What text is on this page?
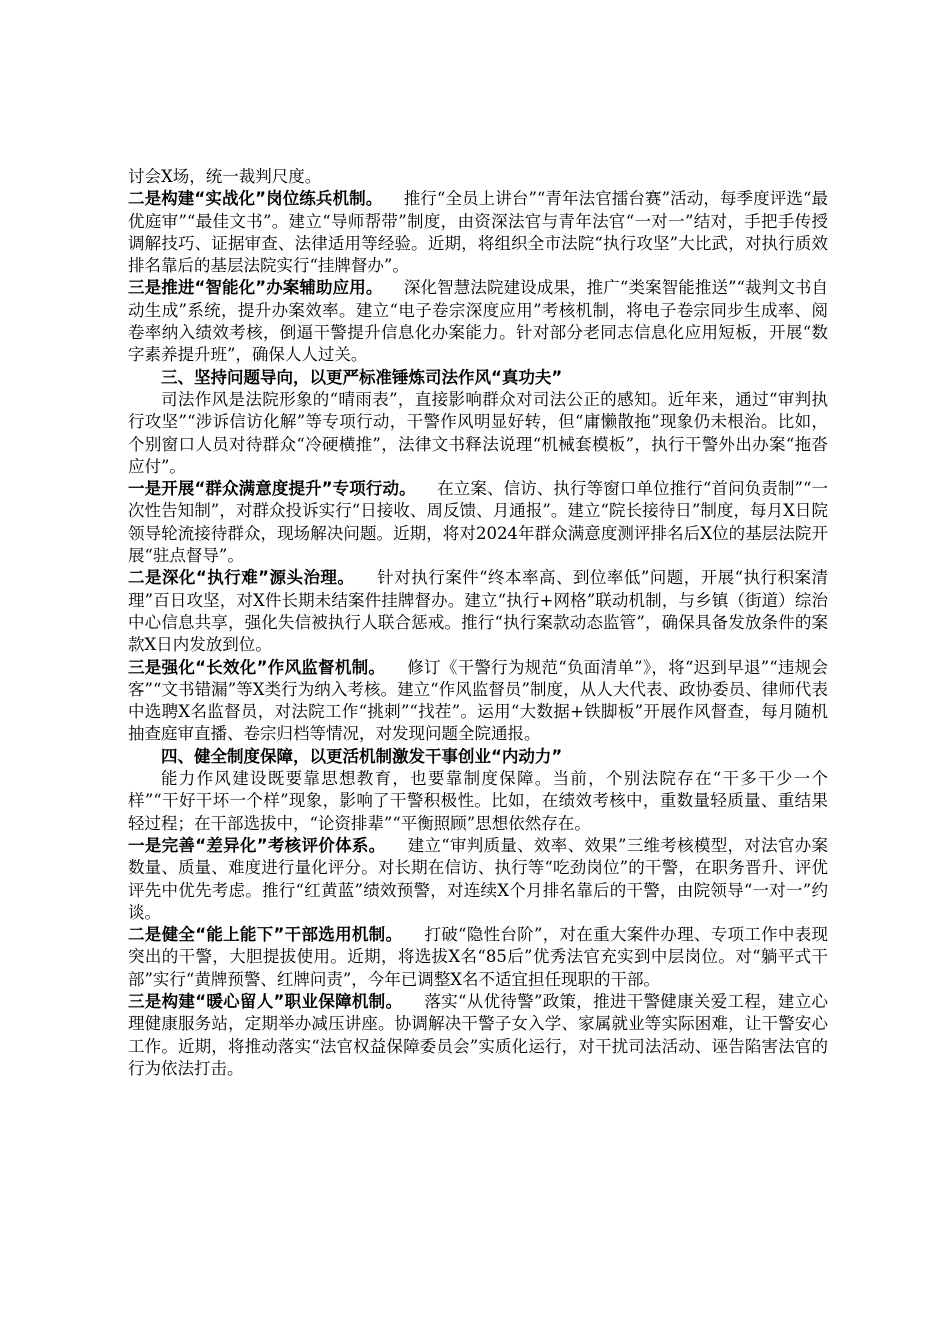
讨会X场，统一裁判尺度。

二是构建“实战化”岗位练兵机制。 推行“全员上讲台”“青年法官擂台赛”活动，每季度评选“最优庭审”“最佳文书”。建立“导师帮带”制度，由资深法官与青年法官“一对一”结对，手把手传授调解技巧、证据审查、法律适用等经验。近期，将组织全市法院“执行攻坚”大比武，对执行质效排名靠后的基层法院实行“挂牌督办”。

三是推进“智能化”办案辅助应用。 深化智慧法院建设成果，推广“类案智能推送”“裁判文书自动生成”系统，提升办案效率。建立“电子卷宗深度应用”考核机制，将电子卷宗同步生成率、阅卷率纳入绩效考核，倒逼干警提升信息化办案能力。针对部分老同志信息化应用短板，开展“数字素养提升班”，确保人人过关。

三、坚持问题导向，以更严标准锤炼司法作风“真功夫”

司法作风是法院形象的“晴雨表”，直接影响群众对司法公正的感知。近年来，通过“审判执行攻坚”“涉诉信访化解”等专项行动，干警作风明显好转，但“庸懒散拖”现象仍未根治。比如，个别窗口人员对待群众“冷硬横推”，法律文书释法说理“机械套模板”，执行干警外出办案“拖沓应付”。

一是开展“群众满意度提升”专项行动。 在立案、信访、执行等窗口单位推行“首问负责制”“一次性告知制”，对群众投诉实行“日接收、周反馈、月通报”。建立“院长接待日”制度，每月X日院领导轮流接待群众，现场解决问题。近期，将对2024年群众满意度测评排名后X位的基层法院开展“驻点督导”。

二是深化“执行难”源头治理。 针对执行案件“终本率高、到位率低”问题，开展“执行积案清理”百日攻坚，对X件长期未结案件挂牌督办。建立“执行+网格”联动机制，与乡镇（街道）综治中心信息共享，强化失信被执行人联合惩戒。推行“执行案款动态监管”，确保具备发放条件的案款X日内发放到位。

三是强化“长效化”作风监督机制。 修订《干警行为规范“负面清单”》，将“迟到早退”“违规会客”“文书错漏”等X类行为纳入考核。建立“作风监督员”制度，从人大代表、政协委员、律师代表中选聘X名监督员，对法院工作“挑刺”“找茬”。运用“大数据+铁脚板”开展作风督查，每月随机抽查庭审直播、卷宗归档等情况，对发现问题全院通报。

四、健全制度保障，以更活机制激发干事创业“内动力”

能力作风建设既要靠思想教育，也要靠制度保障。当前，个别法院存在“干多干少一个样”“干好干坏一个样”现象，影响了干警积极性。比如，在绩效考核中，重数量轻质量、重结果轻过程；在干部选拔中，“论资排辈”“平衡照顾”思想依然存在。

一是完善“差异化”考核评价体系。 建立“审判质量、效率、效果”三维考核模型，对法官办案数量、质量、难度进行量化评分。对长期在信访、执行等“吃劲岗位”的干警，在职务晋升、评优评先中优先考虑。推行“红黄蓝”绩效预警，对连续X个月排名靠后的干警，由院领导“一对一”约谈。

二是健全“能上能下”干部选用机制。 打破“隐性台阶”，对在重大案件办理、专项工作中表现突出的干警，大胆提拔使用。近期，将选拔X名“85后”优秀法官充实到中层岗位。对“躺平式干部”实行“黄牌预警、红牌问责”，今年已调整X名不适宜担任现职的干部。

三是构建“暖心留人”职业保障机制。 落实“从优待警”政策，推进干警健康关爱工程，建立心理健康服务站，定期举办减压讲座。协调解决干警子女入学、家属就业等实际困难，让干警安心工作。近期，将推动落实“法官权益保障委员会”实质化运行，对干扰司法活动、诬告陷害法官的行为依法打击。
